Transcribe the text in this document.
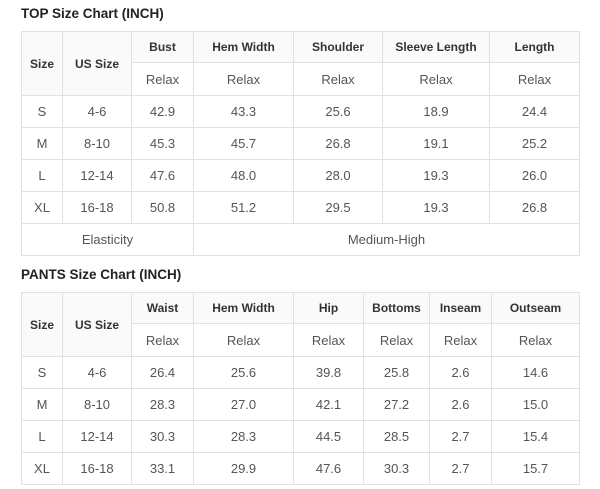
TOP Size Chart (INCH)
Size	US Size	Bust	Hem Width	Shoulder	Sleeve Length	Length
		Relax	Relax	Relax	Relax	Relax
S	4-6	42.9	43.3	25.6	18.9	24.4
M	8-10	45.3	45.7	26.8	19.1	25.2
L	12-14	47.6	48.0	28.0	19.3	26.0
XL	16-18	50.8	51.2	29.5	19.3	26.8
Elasticity			Medium-High			
PANTS Size Chart (INCH)
Size	US Size	Waist	Hem Width	Hip	Bottoms	Inseam	Outseam
		Relax	Relax	Relax	Relax	Relax	Relax
S	4-6	26.4	25.6	39.8	25.8	2.6	14.6
M	8-10	28.3	27.0	42.1	27.2	2.6	15.0
L	12-14	30.3	28.3	44.5	28.5	2.7	15.4
XL	16-18	33.1	29.9	47.6	30.3	2.7	15.7
